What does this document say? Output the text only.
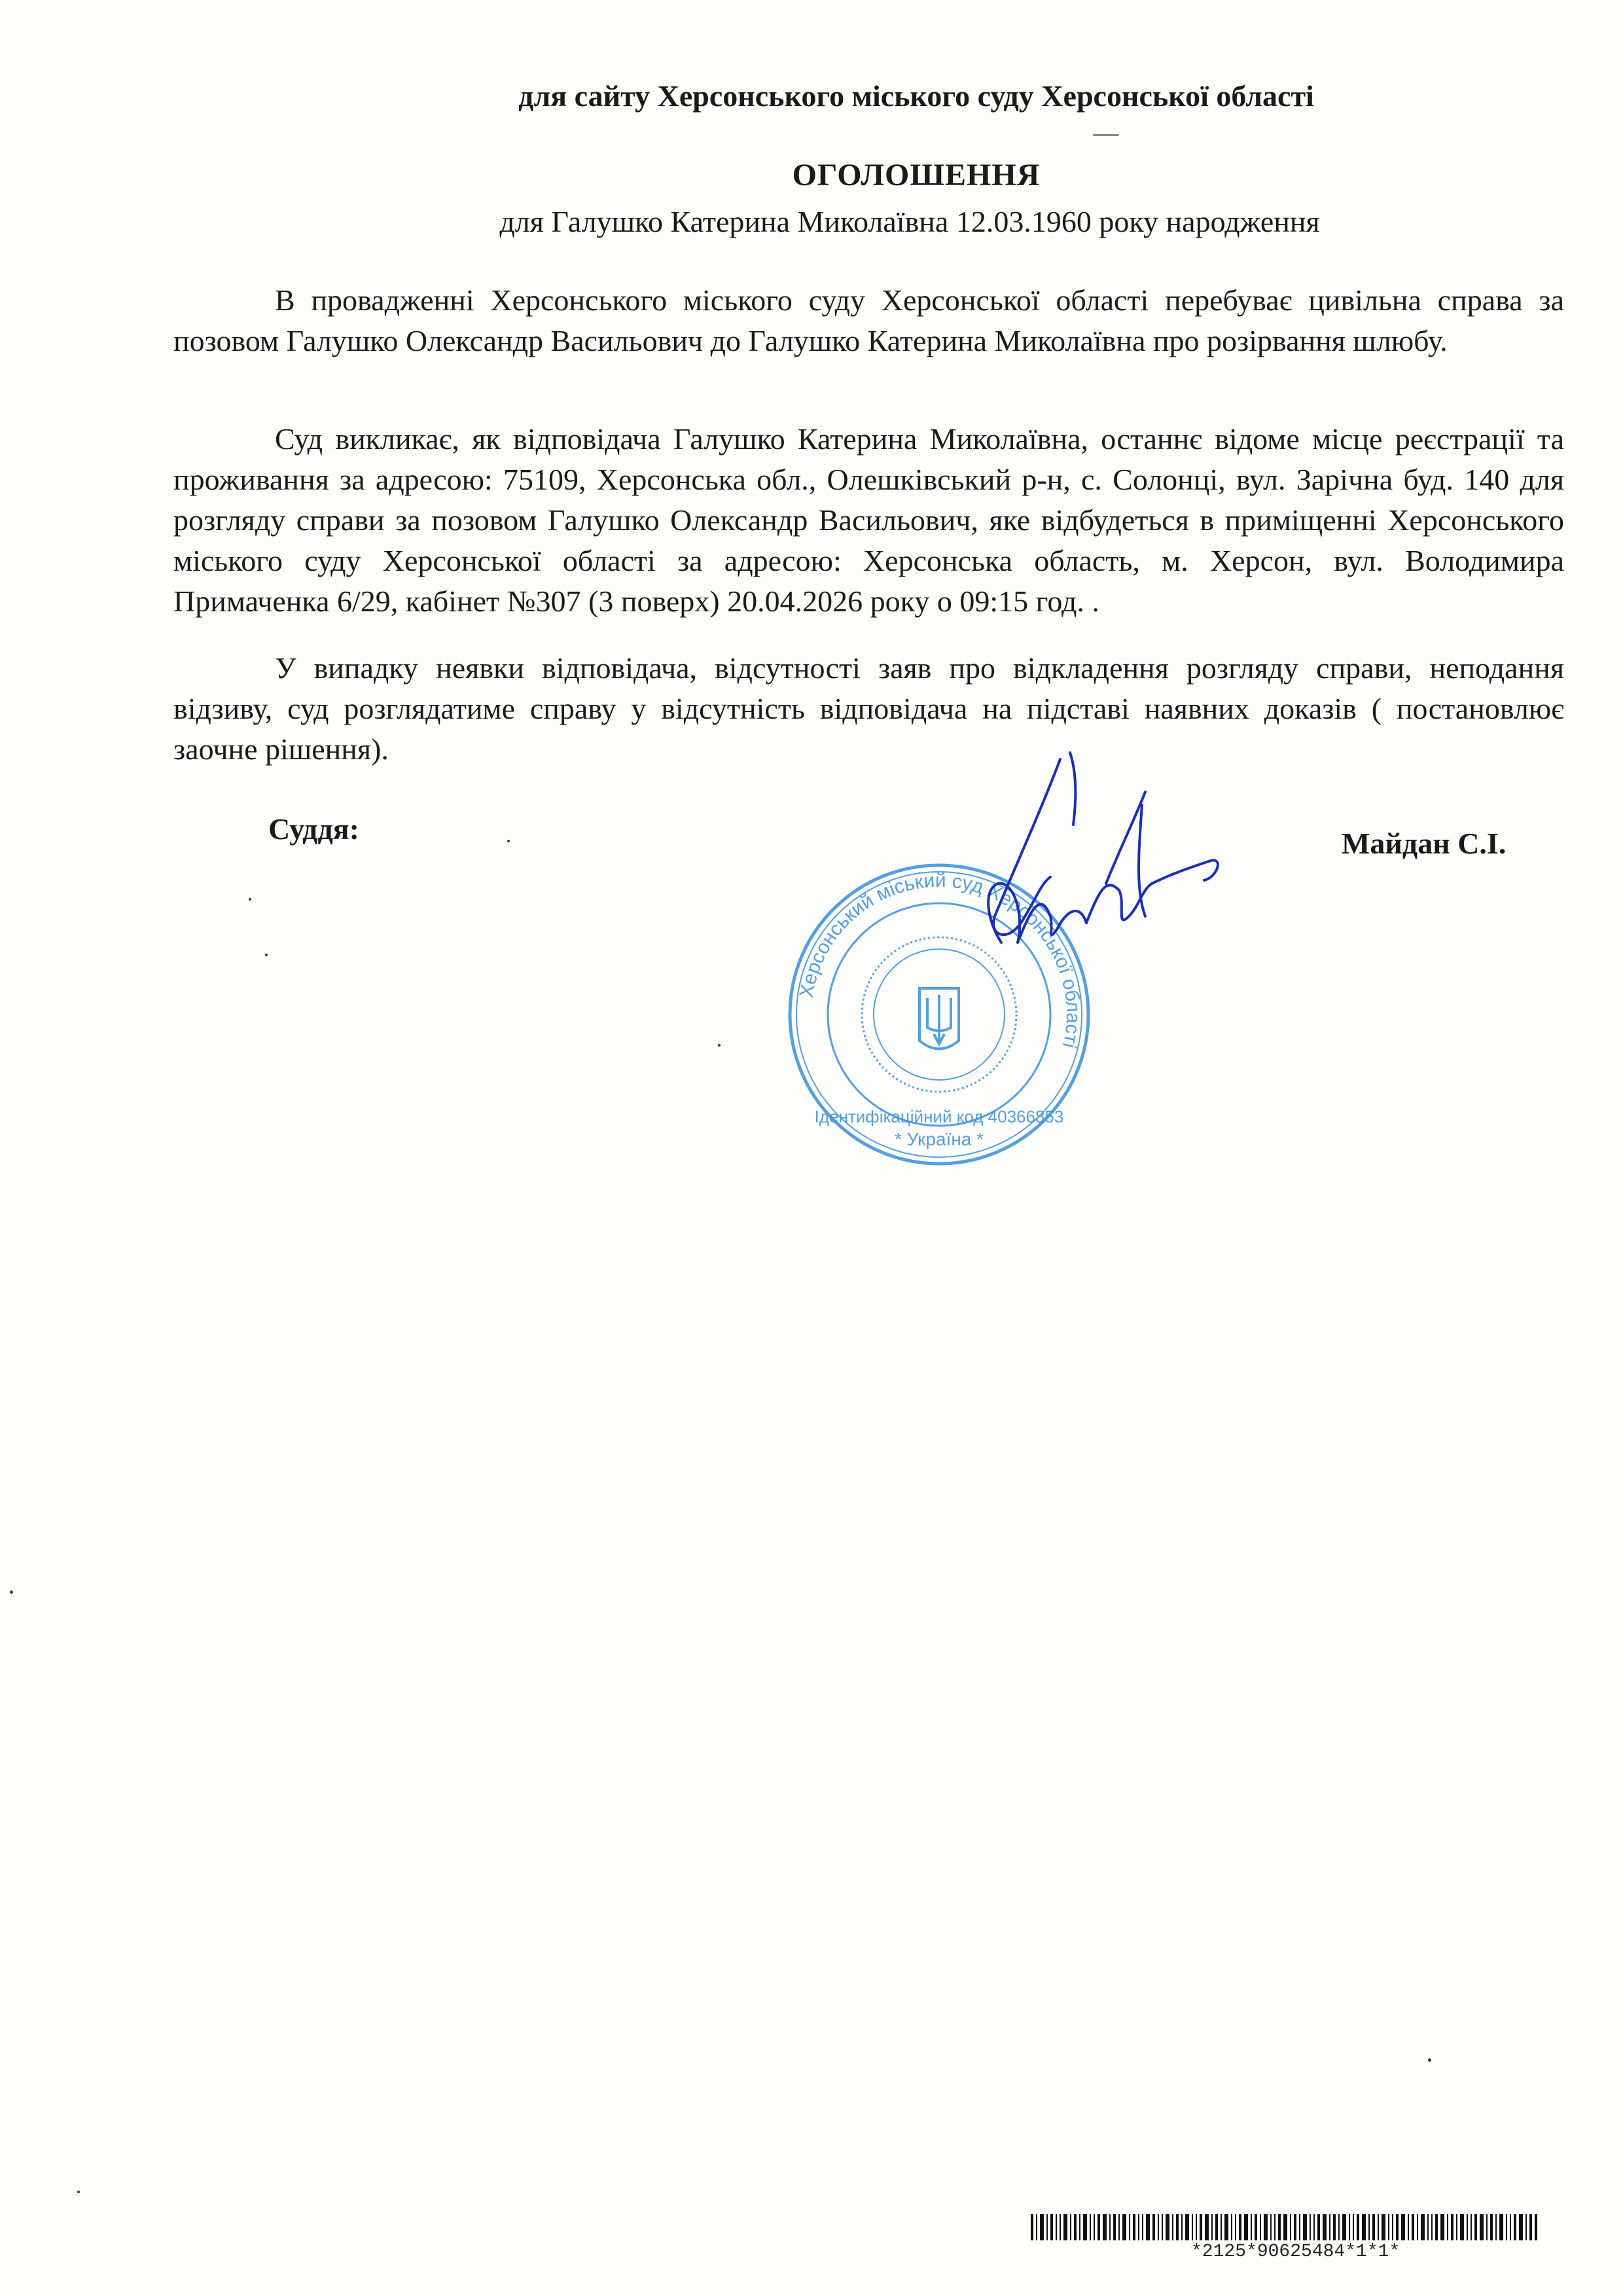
для сайту Херсонського міського суду Херсонської області
ОГОЛОШЕННЯ
для Галушко Катерина Миколаївна 12.03.1960 року народження

В провадженні Херсонського міського суду Херсонської області перебуває цивільна справа за позовом Галушко Олександр Васильович до Галушко Катерина Миколаївна про розірвання шлюбу.

Суд викликає, як відповідача Галушко Катерина Миколаївна, останнє відоме місце реєстрації та проживання за адресою: 75109, Херсонська обл., Олешківський р-н, с. Солонці, вул. Зарічна буд. 140 для розгляду справи за позовом Галушко Олександр Васильович, яке відбудеться в приміщенні Херсонського міського суду Херсонської області за адресою: Херсонська область, м. Херсон, вул. Володимира Примаченка 6/29, кабінет №307 (3 поверх) 20.04.2026 року о 09:15 год. .

У випадку неявки відповідача, відсутності заяв про відкладення розгляду справи, неподання відзиву, суд розглядатиме справу у відсутність відповідача на підставі наявних доказів ( постановлює заочне рішення).

Суддя:	Майдан С.І.
Херсонський міський суд Херсонської області
Ідентифікаційний код 40366853
* Україна *
*2125*90625484*1*1*
